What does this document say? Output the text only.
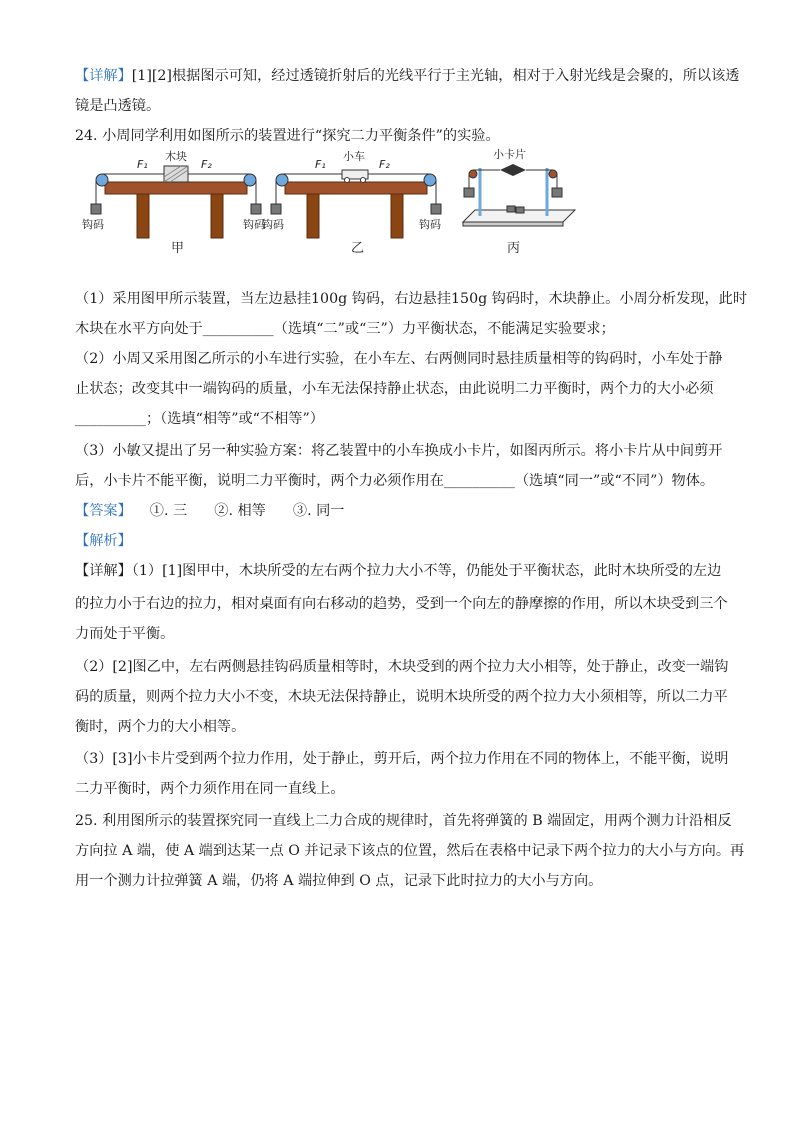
【详解】[1][2]根据图示可知，经过透镜折射后的光线平行于主光轴，相对于入射光线是会聚的，所以该透
镜是凸透镜。
24. 小周同学利用如图所示的装置进行“探究二力平衡条件”的实验。
木块
F₁	F₂
钩码	钩码
甲
小车
F₁	F₂
钩码	钩码
乙
小卡片
丙
（1）采用图甲所示装置，当左边悬挂100g 钩码，右边悬挂150g 钩码时，木块静止。小周分析发现，此时
木块在水平方向处于__________（选填“二”或“三”）力平衡状态，不能满足实验要求；
（2）小周又采用图乙所示的小车进行实验，在小车左、右两侧同时悬挂质量相等的钩码时，小车处于静
止状态；改变其中一端钩码的质量，小车无法保持静止状态，由此说明二力平衡时，两个力的大小必须
__________；（选填“相等”或“不相等”）
（3）小敏又提出了另一种实验方案：将乙装置中的小车换成小卡片，如图丙所示。将小卡片从中间剪开
后，小卡片不能平衡，说明二力平衡时，两个力必须作用在__________（选填“同一”或“不同”）物体。
【答案】    ①. 三      ②. 相等      ③. 同一
【解析】
【详解】（1）[1]图甲中，木块所受的左右两个拉力大小不等，仍能处于平衡状态，此时木块所受的左边
的拉力小于右边的拉力，相对桌面有向右移动的趋势，受到一个向左的静摩擦的作用，所以木块受到三个
力而处于平衡。
（2）[2]图乙中，左右两侧悬挂钩码质量相等时，木块受到的两个拉力大小相等，处于静止，改变一端钩
码的质量，则两个拉力大小不变，木块无法保持静止，说明木块所受的两个拉力大小须相等，所以二力平
衡时，两个力的大小相等。
（3）[3]小卡片受到两个拉力作用，处于静止，剪开后，两个拉力作用在不同的物体上，不能平衡，说明
二力平衡时，两个力须作用在同一直线上。
25. 利用图所示的装置探究同一直线上二力合成的规律时，首先将弹簧的 B 端固定，用两个测力计沿相反
方向拉 A 端，使 A 端到达某一点 O 并记录下该点的位置，然后在表格中记录下两个拉力的大小与方向。再
用一个测力计拉弹簧 A 端，仍将 A 端拉伸到 O 点，记录下此时拉力的大小与方向。
